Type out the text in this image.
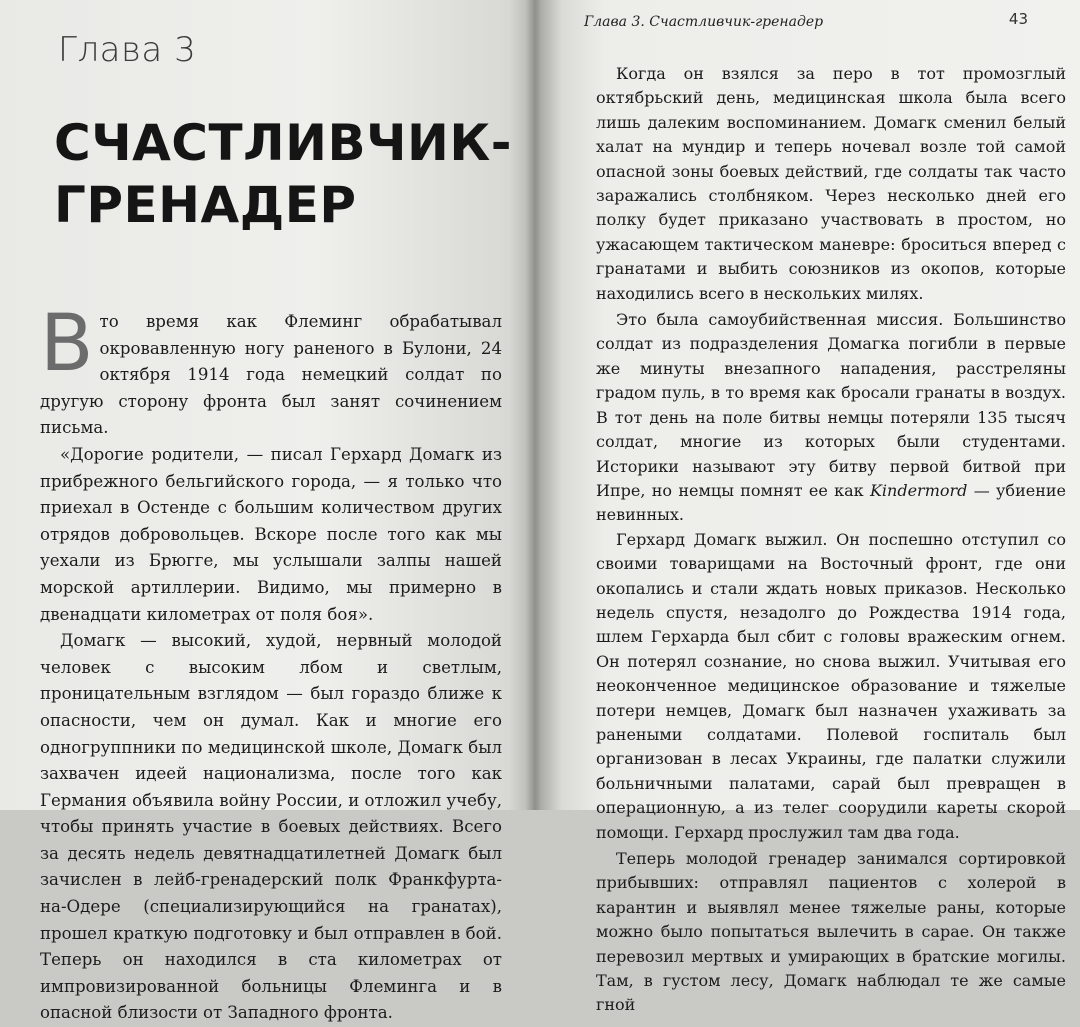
Глава 3
СЧАСТЛИВЧИК-ГРЕНАДЕР

Вто время как Флеминг обрабатывал окровавленную ногу раненого в Булони, 24 октября 1914 года немецкий солдат по другую сторону фронта был занят сочинением письма.

«Дорогие родители, — писал Герхард Домагк из прибрежного бельгийского города, — я только что приехал в Остенде с большим количеством других отрядов добровольцев. Вскоре после того как мы уехали из Брюгге, мы услышали залпы нашей морской артиллерии. Видимо, мы примерно в двенадцати километрах от поля боя».

Домагк — высокий, худой, нервный молодой человек с высоким лбом и светлым, проницательным взглядом — был гораздо ближе к опасности, чем он думал. Как и многие его одногруппники по медицинской школе, Домагк был захвачен идеей национализма, после того как Германия объявила войну России, и отложил учебу, чтобы принять участие в боевых действиях. Всего за десять недель девятнадцатилетней Домагк был зачислен в лейб-гренадерский полк Франкфурта-на-Одере (специализирующийся на гранатах), прошел краткую подготовку и был отправлен в бой. Теперь он находился в ста километрах от импровизированной больницы Флеминга и в опасной близости от Западного фронта.

Глава 3. Счастливчик-гренадер	43

Когда он взялся за перо в тот промозглый октябрьский день, медицинская школа была всего лишь далеким воспоминанием. Домагк сменил белый халат на мундир и теперь ночевал возле той самой опасной зоны боевых действий, где солдаты так часто заражались столбняком. Через несколько дней его полку будет приказано участвовать в простом, но ужасающем тактическом маневре: броситься вперед с гранатами и выбить союзников из окопов, которые находились всего в нескольких милях.

Это была самоубийственная миссия. Большинство солдат из подразделения Домагка погибли в первые же минуты внезапного нападения, расстреляны градом пуль, в то время как бросали гранаты в воздух. В тот день на поле битвы немцы потеряли 135 тысяч солдат, многие из которых были студентами. Историки называют эту битву первой битвой при Ипре, но немцы помнят ее как Kindermord — убиение невинных.

Герхард Домагк выжил. Он поспешно отступил со своими товарищами на Восточный фронт, где они окопались и стали ждать новых приказов. Несколько недель спустя, незадолго до Рождества 1914 года, шлем Герхарда был сбит с головы вражеским огнем. Он потерял сознание, но снова выжил. Учитывая его неоконченное медицинское образование и тяжелые потери немцев, Домагк был назначен ухаживать за ранеными солдатами. Полевой госпиталь был организован в лесах Украины, где палатки служили больничными палатами, сарай был превращен в операционную, а из телег соорудили кареты скорой помощи. Герхард прослужил там два года.

Теперь молодой гренадер занимался сортировкой прибывших: отправлял пациентов с холерой в карантин и выявлял менее тяжелые раны, которые можно было попытаться вылечить в сарае. Он также перевозил мертвых и умирающих в братские могилы. Там, в густом лесу, Домагк наблюдал те же самые гной
